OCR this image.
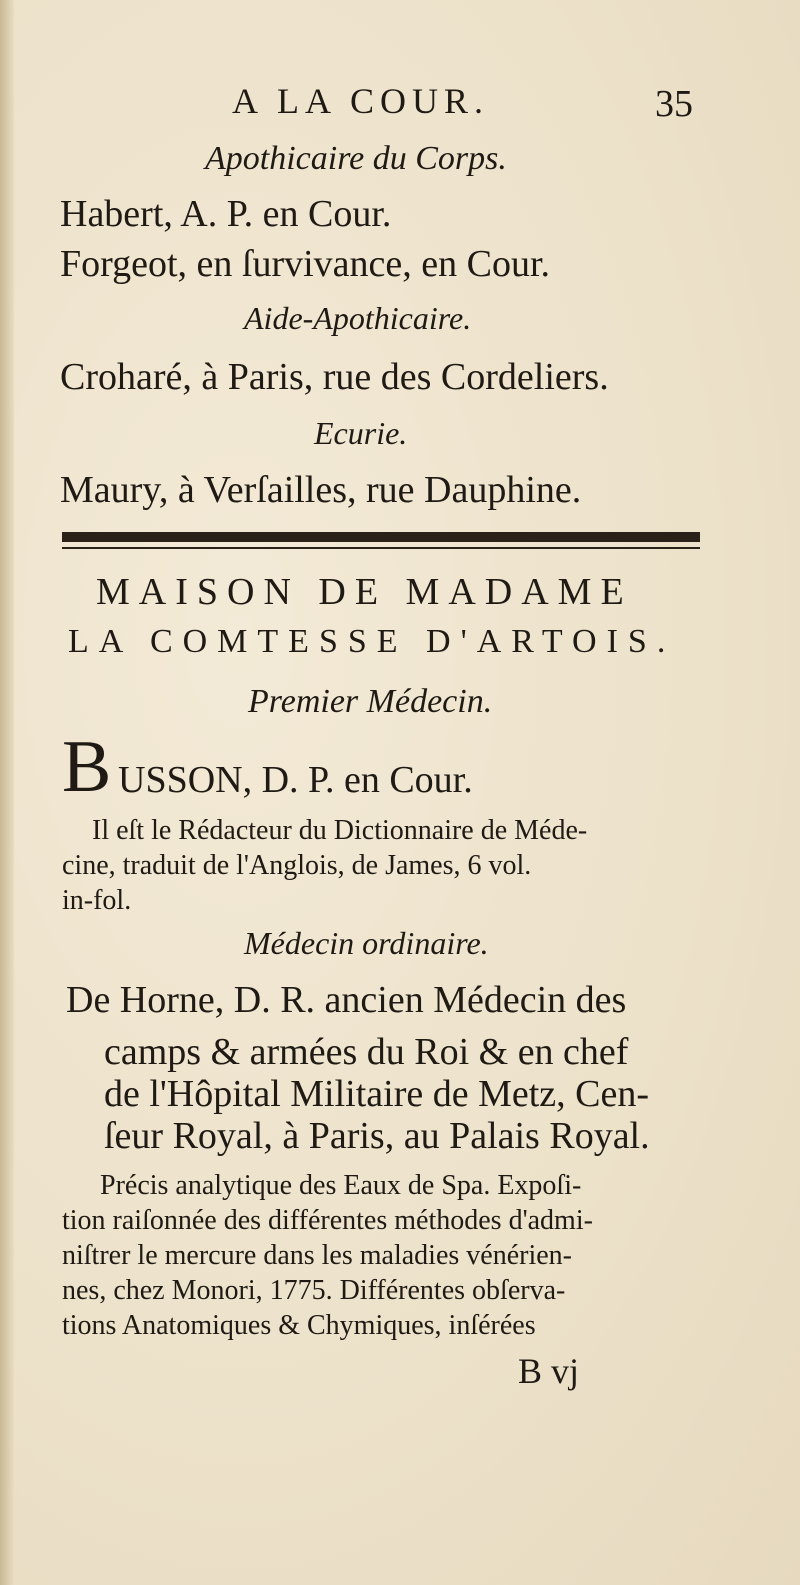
A LA COUR.	35
Apothicaire du Corps.
Habert, A. P. en Cour.
Forgeot, en ſurvivance, en Cour.
Aide-Apothicaire.
Croharé, à Paris, rue des Cordeliers.
Ecurie.
Maury, à Verſailles, rue Dauphine.
MAISON DE MADAME
LA COMTESSE D'ARTOIS.
Premier Médecin.
B USSON, D. P. en Cour.
Il eſt le Rédacteur du Dictionnaire de Méde-
cine, traduit de l'Anglois, de James, 6 vol.
in-fol.
Médecin ordinaire.
De Horne, D. R. ancien Médecin des
camps & armées du Roi & en chef
de l'Hôpital Militaire de Metz, Cen-
ſeur Royal, à Paris, au Palais Royal.
Précis analytique des Eaux de Spa. Expoſi-
tion raiſonnée des différentes méthodes d'admi-
niſtrer le mercure dans les maladies vénérien-
nes, chez Monori, 1775. Différentes obſerva-
tions Anatomiques & Chymiques, inſérées
B vj
